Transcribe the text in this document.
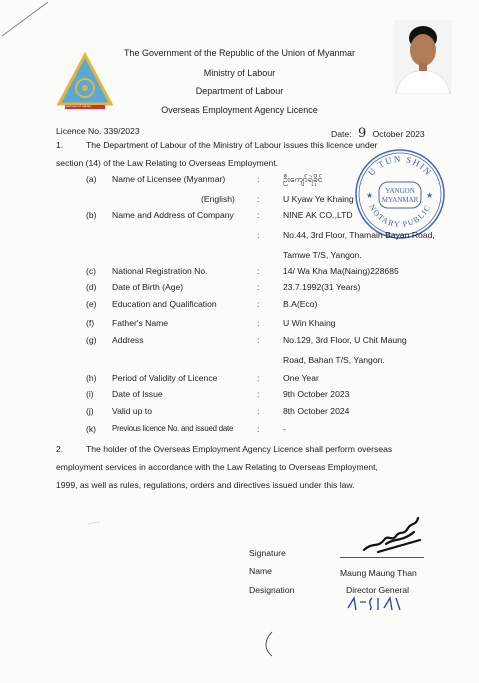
Department of Labour
The Government of the Republic of the Union of Myanmar
Ministry of Labour
Department of Labour
Overseas Employment Agency Licence
Licence No. 339/2023	Date: 9 October 2023
1.	The Department of Labour of the Ministry of Labour issues this licence under
section (14) of the Law Relating to Overseas Employment.
U TUN SHIN
NOTARY PUBLIC
YANGON
MYANMAR
★	★
(a) Name of Licensee (Myanmar)	:	ဦးကျော်ရဲခိုင်
(English)	:	U Kyaw Ye Khaing
(b) Name and Address of Company	:	NINE AK CO.,LTD
:	No.44, 3rd Floor, Thamain Bayan Road,
Tamwe T/S, Yangon.
(c) National Registration No.	:	14/ Wa Kha Ma(Naing)228685
(d) Date of Birth (Age)	:	23.7.1992(31 Years)
(e) Education and Qualification	:	B.A(Eco)
(f) Father's Name	:	U Win Khaing
(g) Address	:	No.129, 3rd Floor, U Chit Maung
Road, Bahan T/S, Yangon.
(h) Period of Validity of Licence	:	One Year
(i) Date of Issue	:	9th October 2023
(j) Valid up to	:	8th October 2024
(k) Previous licence No. and issued date	:	-
2.	The holder of the Overseas Employment Agency Licence shall perform overseas
employment services in accordance with the Law Relating to Overseas Employment,
1999, as well as rules, regulations, orders and directives issued under this law.
~~~
Signature
Name
Designation
Maung Maung Than
Director General
